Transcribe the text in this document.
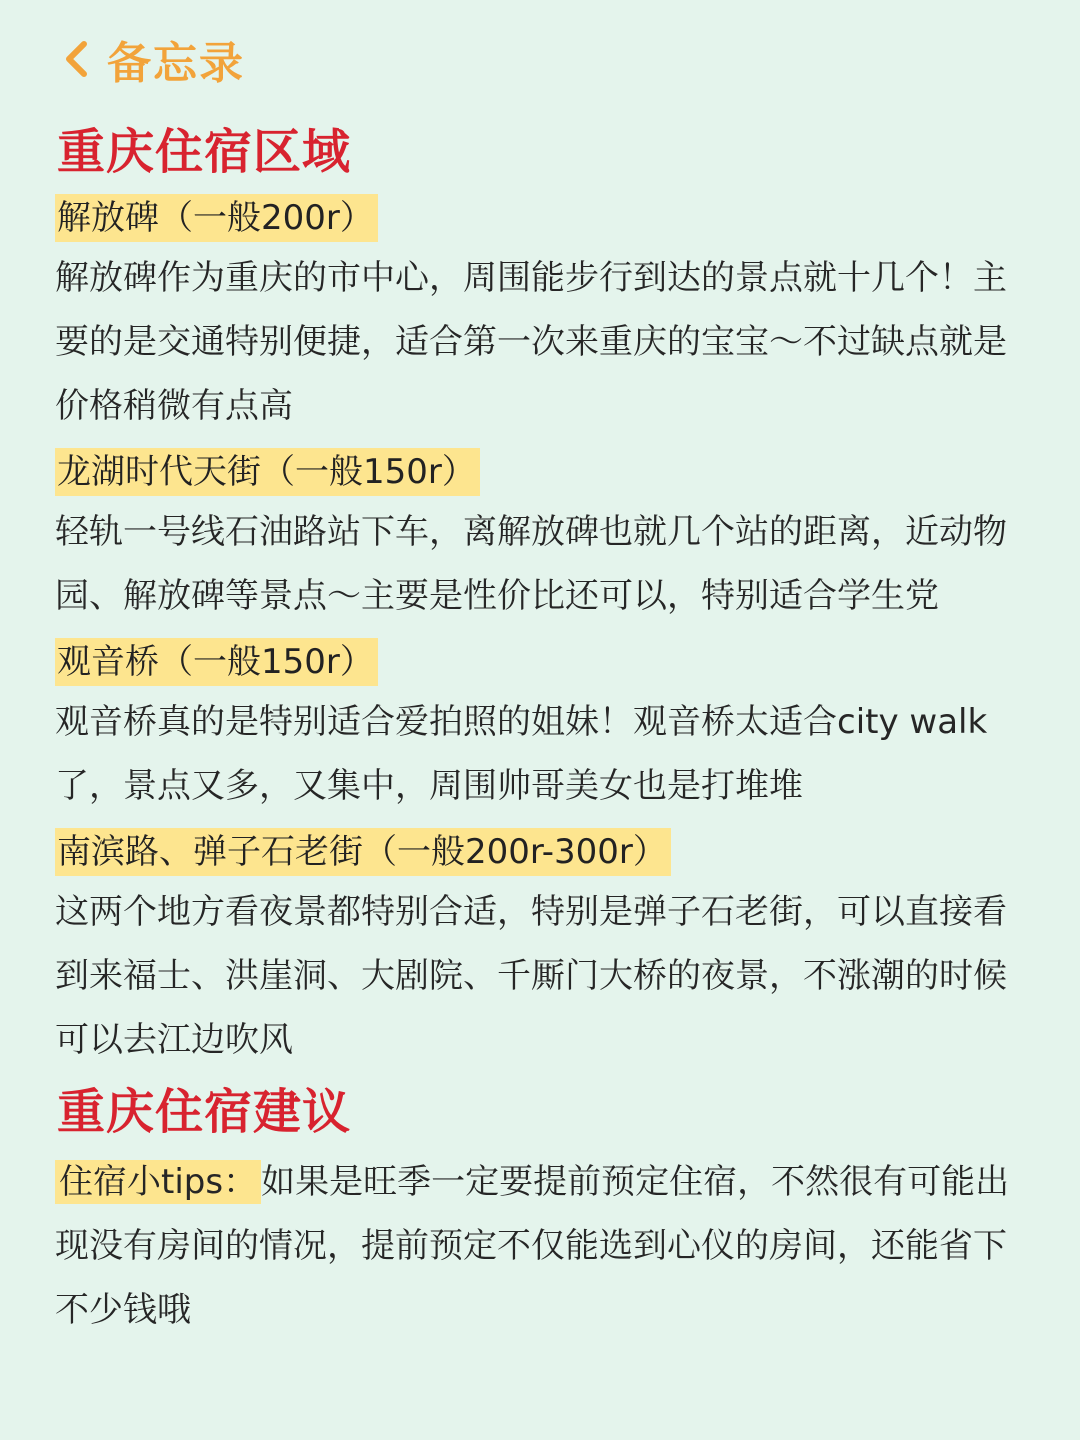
备忘录
重庆住宿区域
解放碑（一般200r）

解放碑作为重庆的市中心，周围能步行到达的景点就十几个！主要的是交通特别便捷，适合第一次来重庆的宝宝～不过缺点就是价格稍微有点高

龙湖时代天街（一般150r）

轻轨一号线石油路站下车，离解放碑也就几个站的距离，近动物园、解放碑等景点～主要是性价比还可以，特别适合学生党

观音桥（一般150r）

观音桥真的是特别适合爱拍照的姐妹！观音桥太适合city walk了，景点又多，又集中，周围帅哥美女也是打堆堆

南滨路、弹子石老街（一般200r-300r）

这两个地方看夜景都特别合适，特别是弹子石老街，可以直接看到来福士、洪崖洞、大剧院、千厮门大桥的夜景，不涨潮的时候可以去江边吹风

重庆住宿建议

住宿小tips： 如果是旺季一定要提前预定住宿，不然很有可能出现没有房间的情况，提前预定不仅能选到心仪的房间，还能省下不少钱哦
